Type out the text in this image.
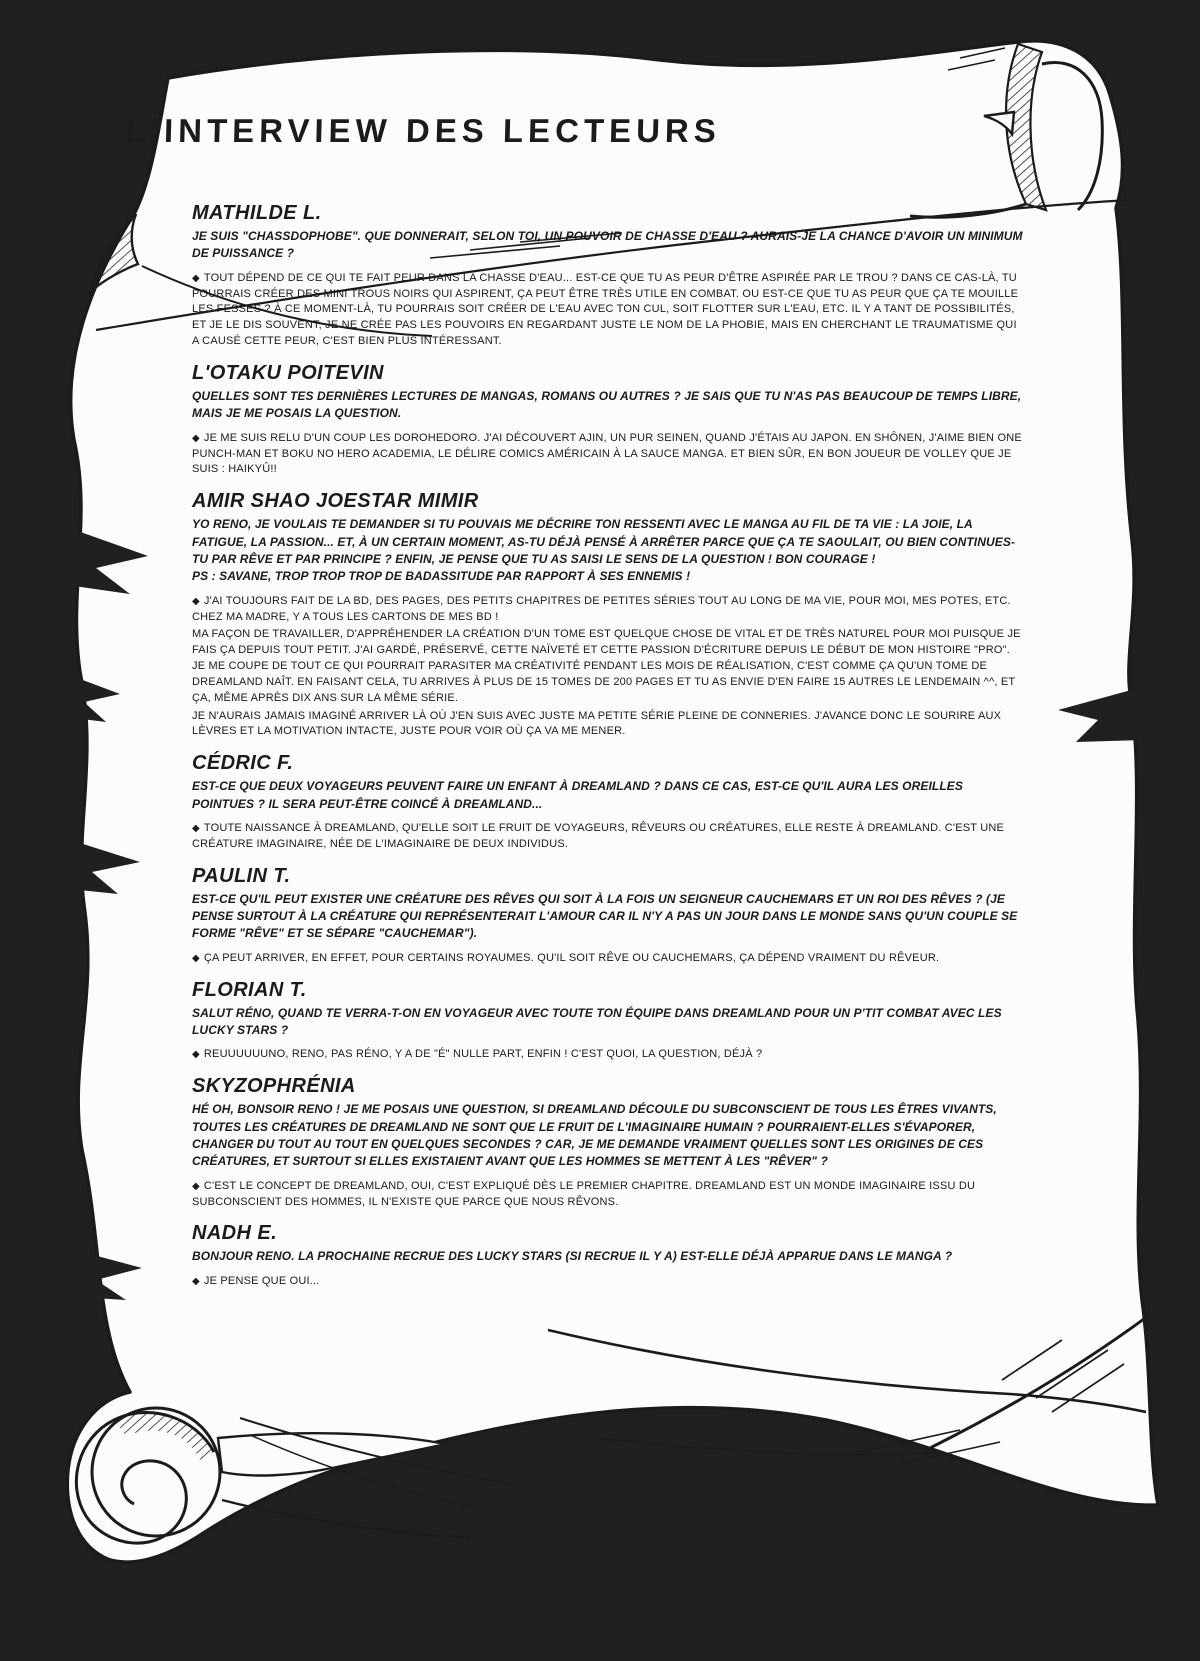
L'INTERVIEW DES LECTEURS
MATHILDE L.

JE SUIS "CHASSDOPHOBE". QUE DONNERAIT, SELON TOI, UN POUVOIR DE CHASSE D'EAU ? AURAIS-JE LA CHANCE D'AVOIR UN MINIMUM DE PUISSANCE ?

◆ TOUT DÉPEND DE CE QUI TE FAIT PEUR DANS LA CHASSE D'EAU... EST-CE QUE TU AS PEUR D'ÊTRE ASPIRÉE PAR LE TROU ? DANS CE CAS-LÀ, TU POURRAIS CRÉER DES MINI TROUS NOIRS QUI ASPIRENT, ÇA PEUT ÊTRE TRÈS UTILE EN COMBAT. OU EST-CE QUE TU AS PEUR QUE ÇA TE MOUILLE LES FESSES ? À CE MOMENT-LÀ, TU POURRAIS SOIT CRÉER DE L'EAU AVEC TON CUL, SOIT FLOTTER SUR L'EAU, ETC. IL Y A TANT DE POSSIBILITÉS, ET JE LE DIS SOUVENT, JE NE CRÉE PAS LES POUVOIRS EN REGARDANT JUSTE LE NOM DE LA PHOBIE, MAIS EN CHERCHANT LE TRAUMATISME QUI A CAUSÉ CETTE PEUR, C'EST BIEN PLUS INTÉRESSANT.

L'OTAKU POITEVIN

QUELLES SONT TES DERNIÈRES LECTURES DE MANGAS, ROMANS OU AUTRES ? JE SAIS QUE TU N'AS PAS BEAUCOUP DE TEMPS LIBRE, MAIS JE ME POSAIS LA QUESTION.

◆ JE ME SUIS RELU D'UN COUP LES DOROHEDORO. J'AI DÉCOUVERT AJIN, UN PUR SEINEN, QUAND J'ÉTAIS AU JAPON. EN SHÔNEN, J'AIME BIEN ONE PUNCH-MAN ET BOKU NO HERO ACADEMIA, LE DÉLIRE COMICS AMÉRICAIN À LA SAUCE MANGA. ET BIEN SÛR, EN BON JOUEUR DE VOLLEY QUE JE SUIS : HAIKYÛ!!

AMIR SHAO JOESTAR MIMIR

YO RENO, JE VOULAIS TE DEMANDER SI TU POUVAIS ME DÉCRIRE TON RESSENTI AVEC LE MANGA AU FIL DE TA VIE : LA JOIE, LA FATIGUE, LA PASSION... ET, À UN CERTAIN MOMENT, AS-TU DÉJÀ PENSÉ À ARRÊTER PARCE QUE ÇA TE SAOULAIT, OU BIEN CONTINUES-TU PAR RÊVE ET PAR PRINCIPE ? ENFIN, JE PENSE QUE TU AS SAISI LE SENS DE LA QUESTION ! BON COURAGE !

PS : SAVANE, TROP TROP TROP DE BADASSITUDE PAR RAPPORT À SES ENNEMIS !

◆ J'AI TOUJOURS FAIT DE LA BD, DES PAGES, DES PETITS CHAPITRES DE PETITES SÉRIES TOUT AU LONG DE MA VIE, POUR MOI, MES POTES, ETC. CHEZ MA MADRE, Y A TOUS LES CARTONS DE MES BD !

MA FAÇON DE TRAVAILLER, D'APPRÉHENDER LA CRÉATION D'UN TOME EST QUELQUE CHOSE DE VITAL ET DE TRÈS NATUREL POUR MOI PUISQUE JE FAIS ÇA DEPUIS TOUT PETIT. J'AI GARDÉ, PRÉSERVÉ, CETTE NAÏVETÉ ET CETTE PASSION D'ÉCRITURE DEPUIS LE DÉBUT DE MON HISTOIRE "PRO". JE ME COUPE DE TOUT CE QUI POURRAIT PARASITER MA CRÉATIVITÉ PENDANT LES MOIS DE RÉALISATION, C'EST COMME ÇA QU'UN TOME DE DREAMLAND NAÎT. EN FAISANT CELA, TU ARRIVES À PLUS DE 15 TOMES DE 200 PAGES ET TU AS ENVIE D'EN FAIRE 15 AUTRES LE LENDEMAIN ^^, ET ÇA, MÊME APRÈS DIX ANS SUR LA MÊME SÉRIE.

JE N'AURAIS JAMAIS IMAGINÉ ARRIVER LÀ OÙ J'EN SUIS AVEC JUSTE MA PETITE SÉRIE PLEINE DE CONNERIES. J'AVANCE DONC LE SOURIRE AUX LÈVRES ET LA MOTIVATION INTACTE, JUSTE POUR VOIR OÙ ÇA VA ME MENER.

CÉDRIC F.

EST-CE QUE DEUX VOYAGEURS PEUVENT FAIRE UN ENFANT À DREAMLAND ? DANS CE CAS, EST-CE QU'IL AURA LES OREILLES POINTUES ? IL SERA PEUT-ÊTRE COINCÉ À DREAMLAND...

◆ TOUTE NAISSANCE À DREAMLAND, QU'ELLE SOIT LE FRUIT DE VOYAGEURS, RÊVEURS OU CRÉATURES, ELLE RESTE À DREAMLAND. C'EST UNE CRÉATURE IMAGINAIRE, NÉE DE L'IMAGINAIRE DE DEUX INDIVIDUS.

PAULIN T.

EST-CE QU'IL PEUT EXISTER UNE CRÉATURE DES RÊVES QUI SOIT À LA FOIS UN SEIGNEUR CAUCHEMARS ET UN ROI DES RÊVES ? (JE PENSE SURTOUT À LA CRÉATURE QUI REPRÉSENTERAIT L'AMOUR CAR IL N'Y A PAS UN JOUR DANS LE MONDE SANS QU'UN COUPLE SE FORME "RÊVE" ET SE SÉPARE "CAUCHEMAR").

◆ ÇA PEUT ARRIVER, EN EFFET, POUR CERTAINS ROYAUMES. QU'IL SOIT RÊVE OU CAUCHEMARS, ÇA DÉPEND VRAIMENT DU RÊVEUR.

FLORIAN T.

SALUT RÉNO, QUAND TE VERRA-T-ON EN VOYAGEUR AVEC TOUTE TON ÉQUIPE DANS DREAMLAND POUR UN P'TIT COMBAT AVEC LES LUCKY STARS ?

◆ REUUUUUUNO, RENO, PAS RÉNO, Y A DE "É" NULLE PART, ENFIN ! C'EST QUOI, LA QUESTION, DÉJÀ ?

SKYZOPHRÉNIA

HÉ OH, BONSOIR RENO ! JE ME POSAIS UNE QUESTION, SI DREAMLAND DÉCOULE DU SUBCONSCIENT DE TOUS LES ÊTRES VIVANTS, TOUTES LES CRÉATURES DE DREAMLAND NE SONT QUE LE FRUIT DE L'IMAGINAIRE HUMAIN ? POURRAIENT-ELLES S'ÉVAPORER, CHANGER DU TOUT AU TOUT EN QUELQUES SECONDES ? CAR, JE ME DEMANDE VRAIMENT QUELLES SONT LES ORIGINES DE CES CRÉATURES, ET SURTOUT SI ELLES EXISTAIENT AVANT QUE LES HOMMES SE METTENT À LES "RÊVER" ?

◆ C'EST LE CONCEPT DE DREAMLAND, OUI, C'EST EXPLIQUÉ DÈS LE PREMIER CHAPITRE. DREAMLAND EST UN MONDE IMAGINAIRE ISSU DU SUBCONSCIENT DES HOMMES, IL N'EXISTE QUE PARCE QUE NOUS RÊVONS.

NADH E.

BONJOUR RENO. LA PROCHAINE RECRUE DES LUCKY STARS (SI RECRUE IL Y A) EST-ELLE DÉJÀ APPARUE DANS LE MANGA ?

◆ JE PENSE QUE OUI...
